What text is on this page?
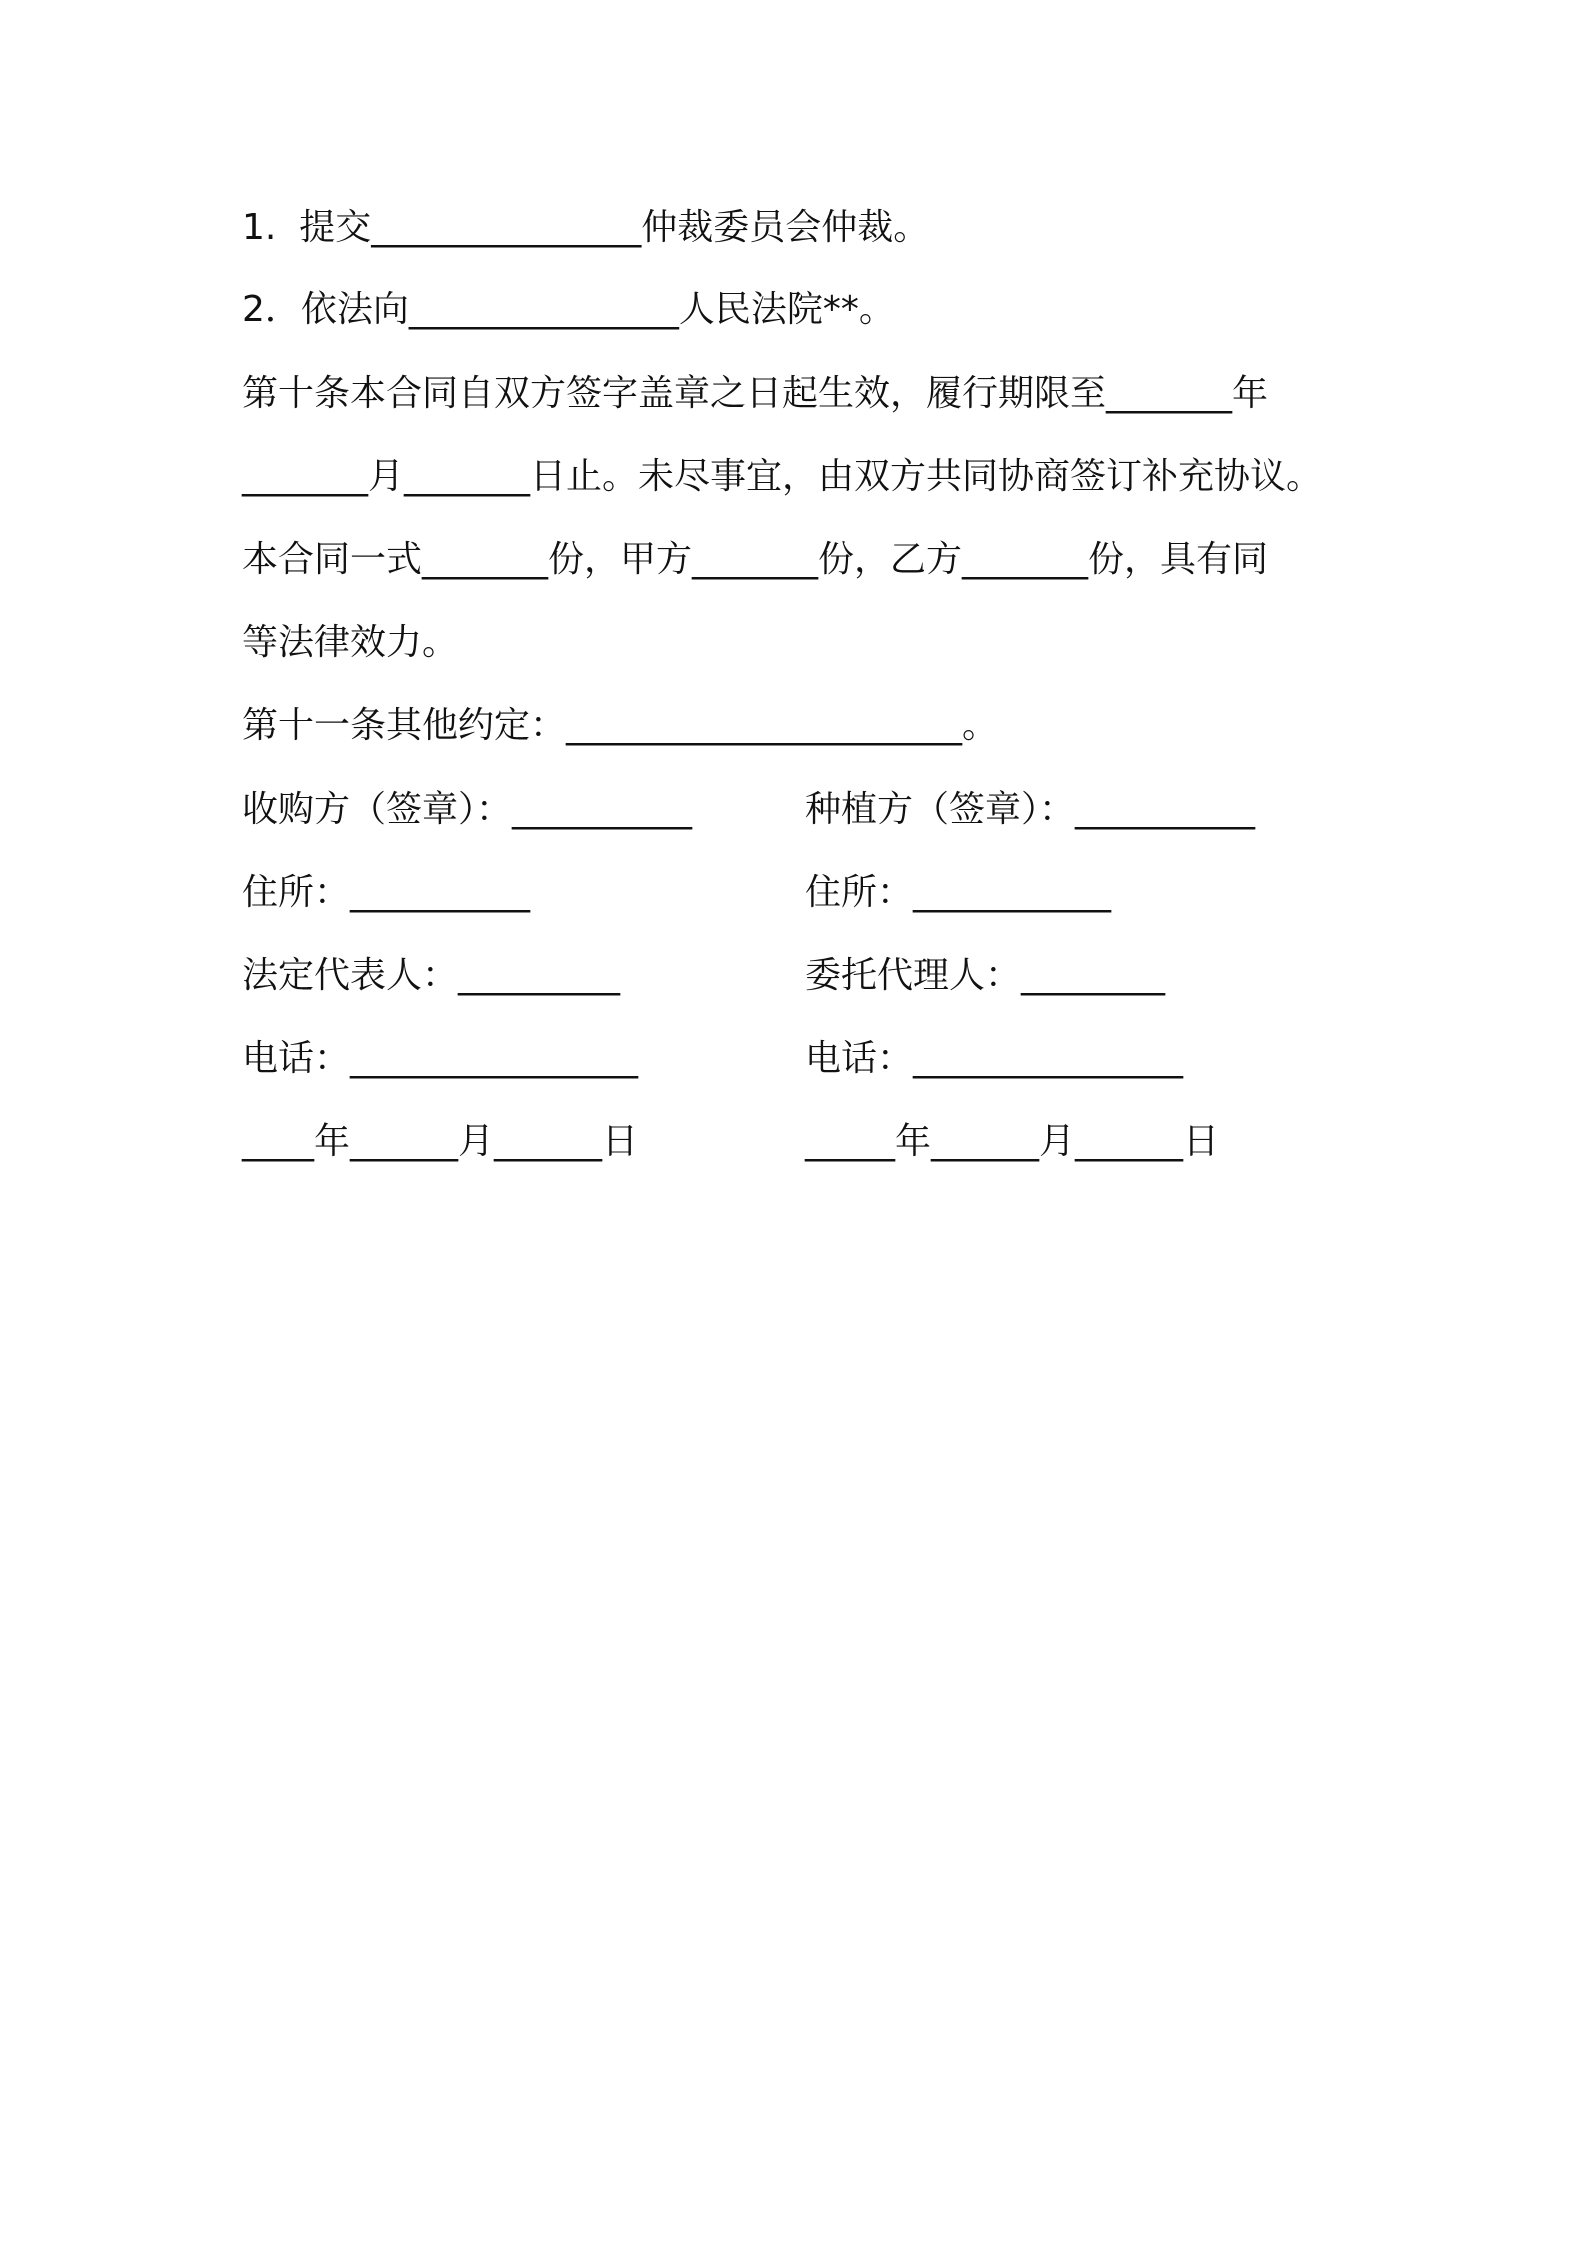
1.  提交_______________仲裁委员会仲裁。
2．依法向_______________人民法院**。
第十条本合同自双方签字盖章之日起生效，履行期限至_______年
_______月_______日止。未尽事宜，由双方共同协商签订补充协议。
本合同一式_______份，甲方_______份，乙方_______份，具有同
等法律效力。
第十一条其他约定：______________________。
收购方（签章）：__________	种植方（签章）：__________
住所：__________	住所：___________
法定代表人：_________	委托代理人：________
电话：________________	电话：_______________
____年______月______日	_____年______月______日
